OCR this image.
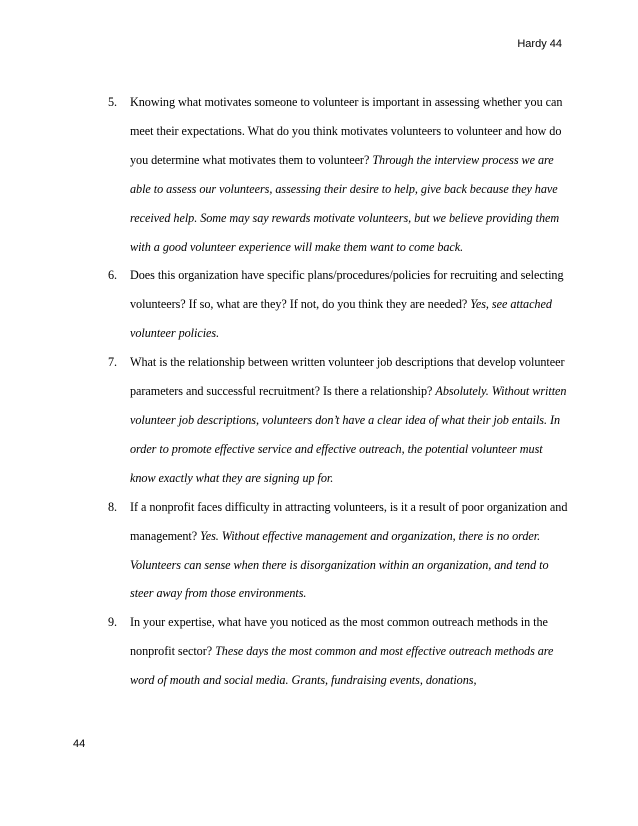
Hardy 44
5. Knowing what motivates someone to volunteer is important in assessing whether you can meet their expectations. What do you think motivates volunteers to volunteer and how do you determine what motivates them to volunteer? Through the interview process we are able to assess our volunteers, assessing their desire to help, give back because they have received help. Some may say rewards motivate volunteers, but we believe providing them with a good volunteer experience will make them want to come back.
6. Does this organization have specific plans/procedures/policies for recruiting and selecting volunteers? If so, what are they? If not, do you think they are needed? Yes, see attached volunteer policies.
7. What is the relationship between written volunteer job descriptions that develop volunteer parameters and successful recruitment? Is there a relationship? Absolutely. Without written volunteer job descriptions, volunteers don’t have a clear idea of what their job entails. In order to promote effective service and effective outreach, the potential volunteer must know exactly what they are signing up for.
8. If a nonprofit faces difficulty in attracting volunteers, is it a result of poor organization and management? Yes. Without effective management and organization, there is no order. Volunteers can sense when there is disorganization within an organization, and tend to steer away from those environments.
9. In your expertise, what have you noticed as the most common outreach methods in the nonprofit sector? These days the most common and most effective outreach methods are word of mouth and social media. Grants, fundraising events, donations,
44
